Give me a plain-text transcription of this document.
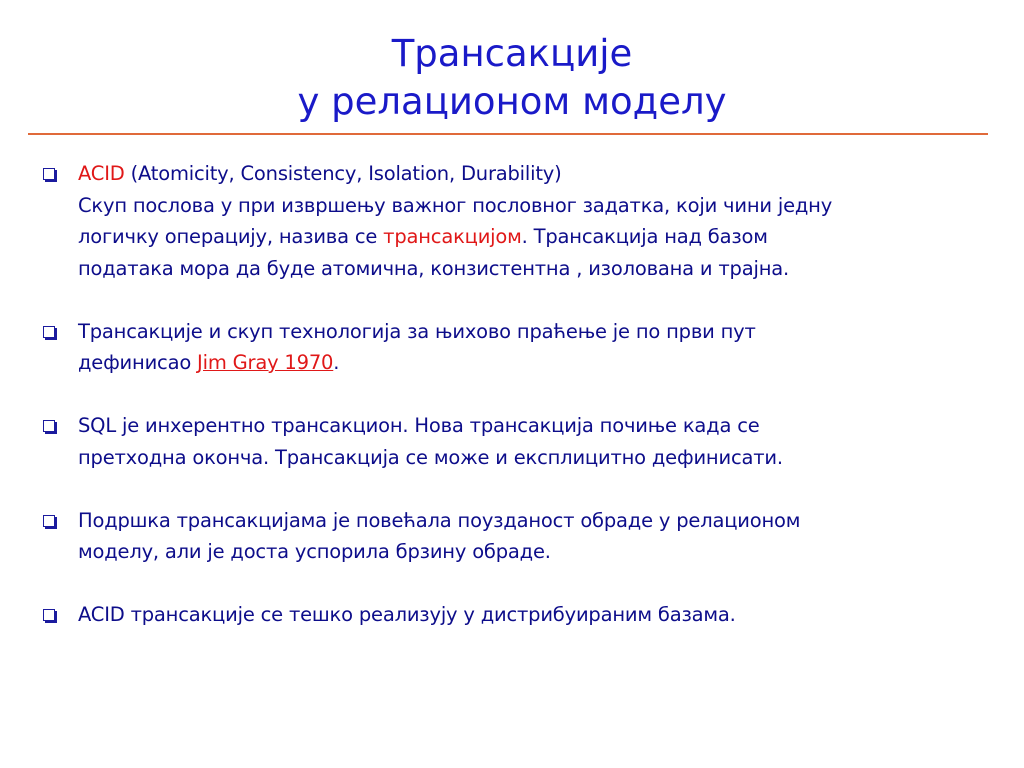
Трансакције
у релационом моделу
ACID (Atomicity, Consistency, Isolation, Durability)
Скуп послова у при извршењу важног пословног задатка, који чини једну
логичку операцију, назива се трансакцијом. Трансакција над базом
података мора да буде атомична, конзистентна , изолована и трајна.
Трансакције и скуп технологија за њихово праћење је по први пут
дефинисао Jim Gray 1970.
SQL је инхерентно трансакцион. Нова трансакција почиње када се
претходна оконча. Трансакција се може и експлицитно дефинисати.
Подршка трансакцијама је повећала поузданост обраде у релационом
моделу, али је доста успорила брзину обраде.
ACID трансакције се тешко реализују у дистрибуираним базама.
